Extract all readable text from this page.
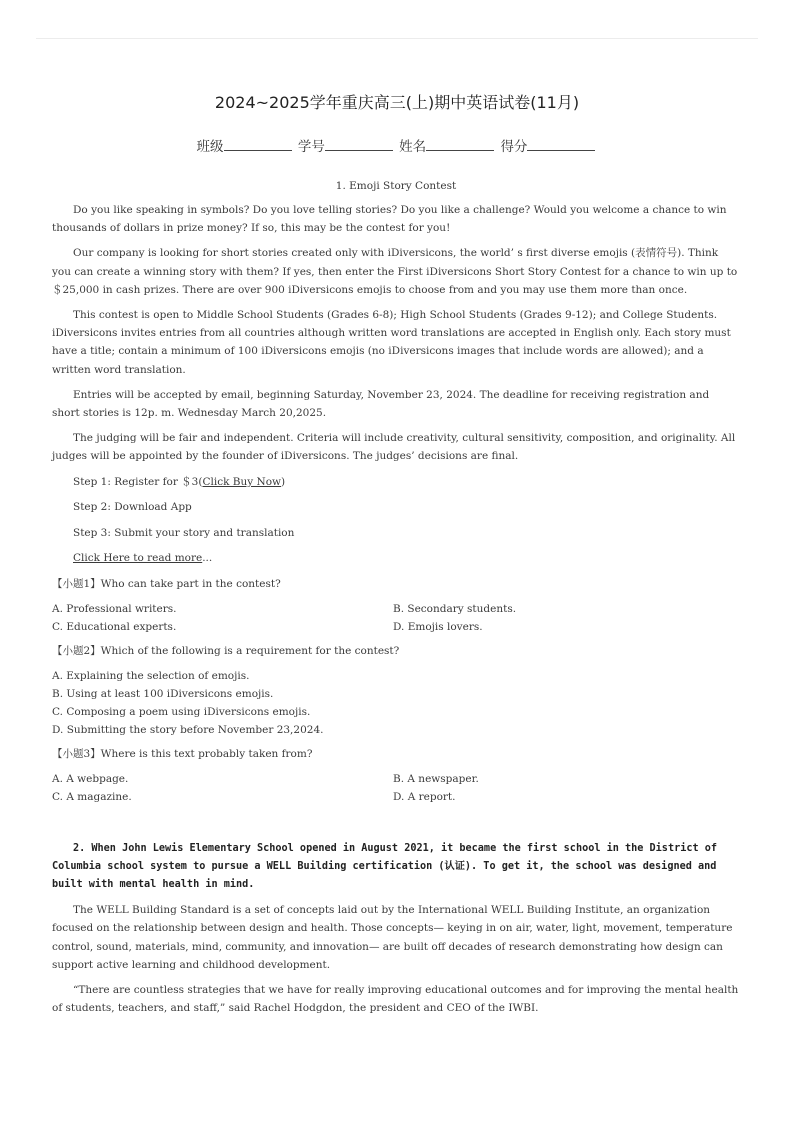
2024~2025学年重庆高三(上)期中英语试卷(11月)
班级	学号	姓名	得分

1. Emoji Story Contest

Do you like speaking in symbols? Do you love telling stories? Do you like a challenge? Would you welcome a chance to win thousands of dollars in prize money? If so, this may be the contest for you!

Our company is looking for short stories created only with iDiversicons, the world’ s first diverse emojis (表情符号). Think you can create a winning story with them? If yes, then enter the First iDiversicons Short Story Contest for a chance to win up to ＄25,000 in cash prizes. There are over 900 iDiversicons emojis to choose from and you may use them more than once.

This contest is open to Middle School Students (Grades 6-8); High School Students (Grades 9-12); and College Students. iDiversicons invites entries from all countries although written word translations are accepted in English only. Each story must have a title; contain a minimum of 100 iDiversicons emojis (no iDiversicons images that include words are allowed); and a written word translation.

Entries will be accepted by email, beginning Saturday, November 23, 2024. The deadline for receiving registration and short stories is 12p. m. Wednesday March 20,2025.

The judging will be fair and independent. Criteria will include creativity, cultural sensitivity, composition, and originality. All judges will be appointed by the founder of iDiversicons. The judges’ decisions are final.

Step 1: Register for ＄3(Click Buy Now)

Step 2: Download App

Step 3: Submit your story and translation

Click Here to read more...

【小题1】Who can take part in the contest?

A. Professional writers.	B. Secondary students.
C. Educational experts.	D. Emojis lovers.

【小题2】Which of the following is a requirement for the contest?

A. Explaining the selection of emojis.
B. Using at least 100 iDiversicons emojis.
C. Composing a poem using iDiversicons emojis.
D. Submitting the story before November 23,2024.

【小题3】Where is this text probably taken from?

A. A webpage.	B. A newspaper.
C. A magazine.	D. A report.

2. When John Lewis Elementary School opened in August 2021, it became the first school in the District of Columbia school system to pursue a WELL Building certification (认证). To get it, the school was designed and built with mental health in mind.

The WELL Building Standard is a set of concepts laid out by the International WELL Building Institute, an organization focused on the relationship between design and health. Those concepts— keying in on air, water, light, movement, temperature control, sound, materials, mind, community, and innovation— are built off decades of research demonstrating how design can support active learning and childhood development.

“There are countless strategies that we have for really improving educational outcomes and for improving the mental health of students, teachers, and staff,” said Rachel Hodgdon, the president and CEO of the IWBI.
